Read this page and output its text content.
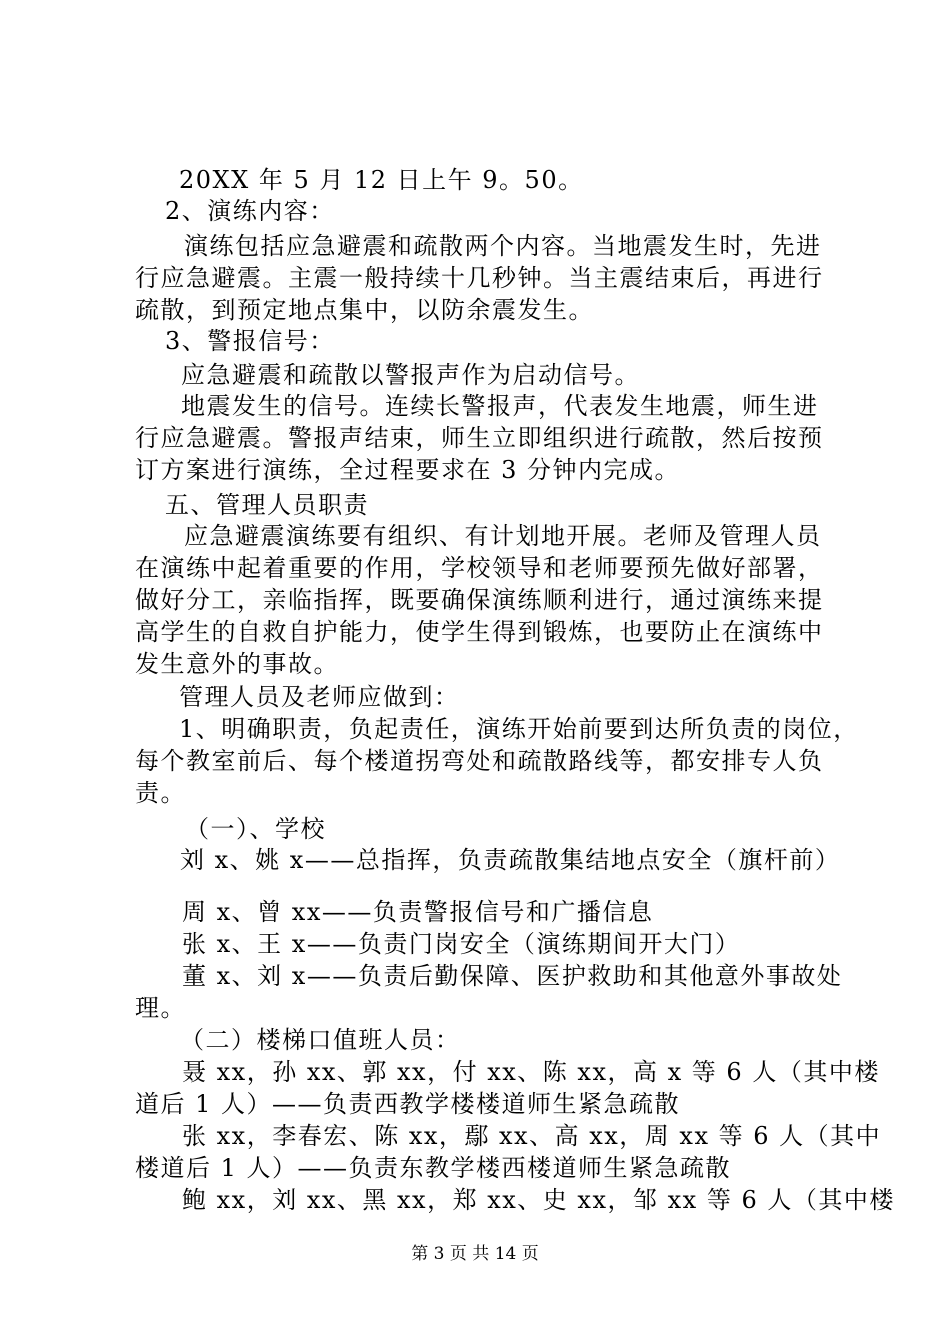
20XX 年 5 月 12 日上午 9。50。
2、演练内容：
演练包括应急避震和疏散两个内容。当地震发生时，先进
行应急避震。主震一般持续十几秒钟。当主震结束后，再进行
疏散，到预定地点集中，以防余震发生。
3、警报信号：
应急避震和疏散以警报声作为启动信号。
地震发生的信号。连续长警报声，代表发生地震，师生进
行应急避震。警报声结束，师生立即组织进行疏散，然后按预
订方案进行演练，全过程要求在 3 分钟内完成。
五、管理人员职责
应急避震演练要有组织、有计划地开展。老师及管理人员
在演练中起着重要的作用，学校领导和老师要预先做好部署，
做好分工，亲临指挥，既要确保演练顺利进行，通过演练来提
高学生的自救自护能力，使学生得到锻炼，也要防止在演练中
发生意外的事故。
管理人员及老师应做到：
1、明确职责，负起责任，演练开始前要到达所负责的岗位，
每个教室前后、每个楼道拐弯处和疏散路线等，都安排专人负
责。
（一）、学校
刘 x、姚 x——总指挥，负责疏散集结地点安全（旗杆前）
周 x、曾 xx——负责警报信号和广播信息
张 x、王 x——负责门岗安全（演练期间开大门）
董 x、刘 x——负责后勤保障、医护救助和其他意外事故处
理。
（二）楼梯口值班人员：
聂 xx，孙 xx、郭 xx，付 xx、陈 xx，高 x 等 6 人（其中楼
道后 1 人）——负责西教学楼楼道师生紧急疏散
张 xx，李春宏、陈 xx，鄢 xx、高 xx，周 xx 等 6 人（其中
楼道后 1 人）——负责东教学楼西楼道师生紧急疏散
鲍 xx，刘 xx、黑 xx，郑 xx、史 xx，邹 xx 等 6 人（其中楼
第 3 页 共 14 页
